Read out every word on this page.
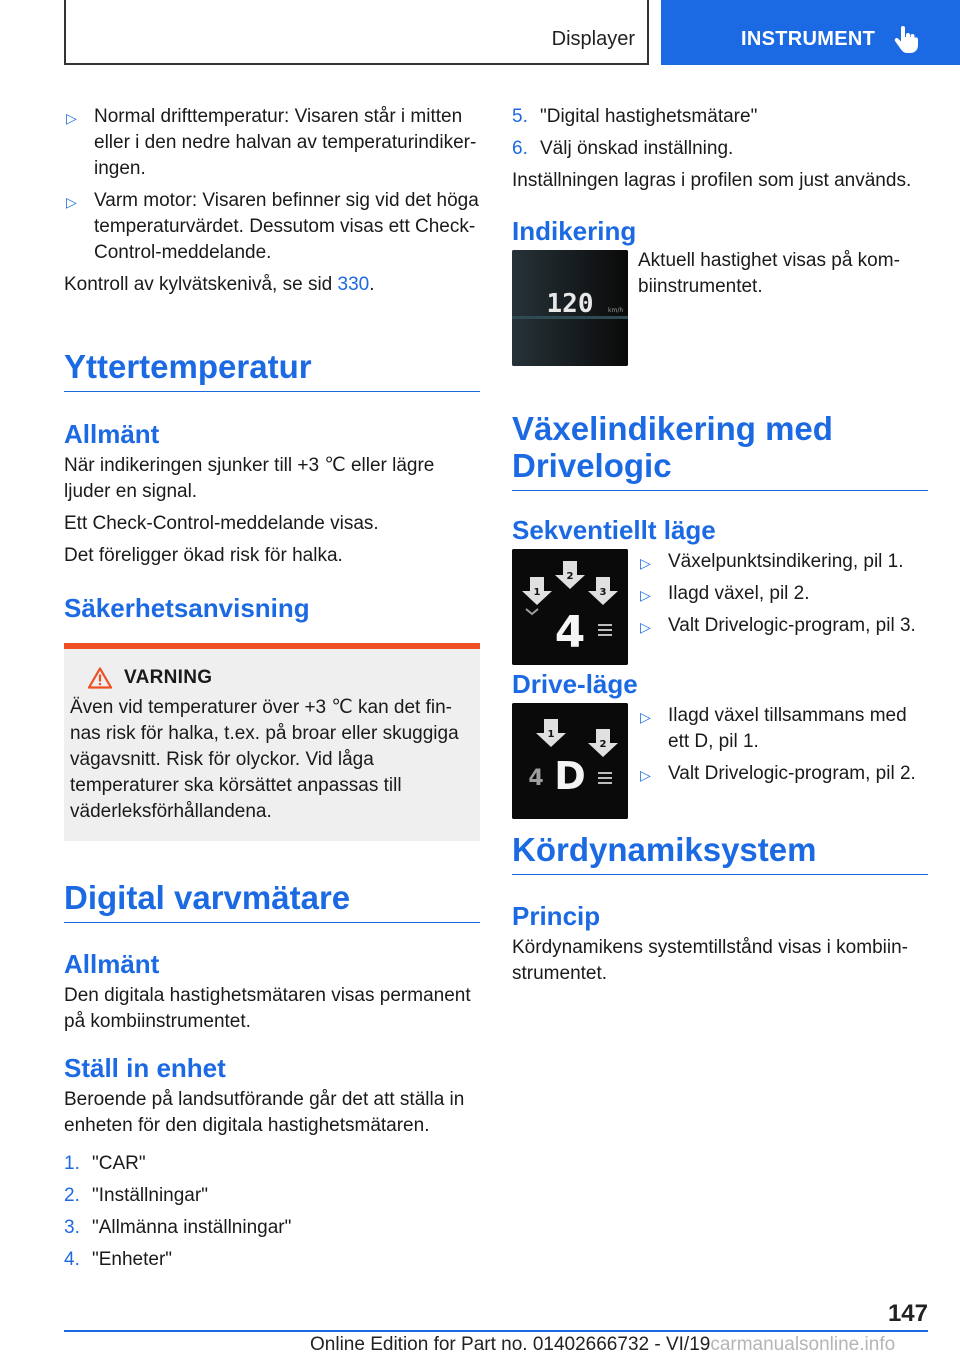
Displayer	INSTRUMENT
▷ Normal drifttemperatur: Visaren står i mitten eller i den nedre halvan av temperaturindikeringen.
▷ Varm motor: Visaren befinner sig vid det höga temperaturvärdet. Dessutom visas ett Check-Control-meddelande.

Kontroll av kylvätskenivå, se sid 330.

Yttertemperatur
Allmänt

När indikeringen sjunker till +3 ℃ eller lägre ljuder en signal.

Ett Check-Control-meddelande visas.

Det föreligger ökad risk för halka.

Säkerhetsanvisning
VARNING

Även vid temperaturer över +3 ℃ kan det finnas risk för halka, t.ex. på broar eller skuggiga vägavsnitt. Risk för olyckor. Vid låga temperaturer ska körsättet anpassas till väderleksförhållandena.

Digital varvmätare
Allmänt

Den digitala hastighetsmätaren visas permanent på kombiinstrumentet.

Ställ in enhet

Beroende på landsutförande går det att ställa in enheten för den digitala hastighetsmätaren.

1. "CAR"
2. "Inställningar"
3. "Allmänna inställningar"
4. "Enheter"
5. "Digital hastighetsmätare"
6. Välj önskad inställning.

Inställningen lagras i profilen som just används.

Indikering
120 km/h

Aktuell hastighet visas på kombiinstrumentet.

Växelindikering med Drivelogic
Sekventiellt läge
1
2
3
4
▷ Växelpunktsindikering, pil 1.
▷ Ilagd växel, pil 2.
▷ Valt Drivelogic-program, pil 3.
Drive-läge
1
2
4 D
▷ Ilagd växel tillsammans med ett D, pil 1.
▷ Valt Drivelogic-program, pil 2.
Kördynamiksystem
Princip

Kördynamikens systemtillstånd visas i kombiinstrumentet.

147
Online Edition for Part no. 01402666732 - VI/19carmanualsonline.info
